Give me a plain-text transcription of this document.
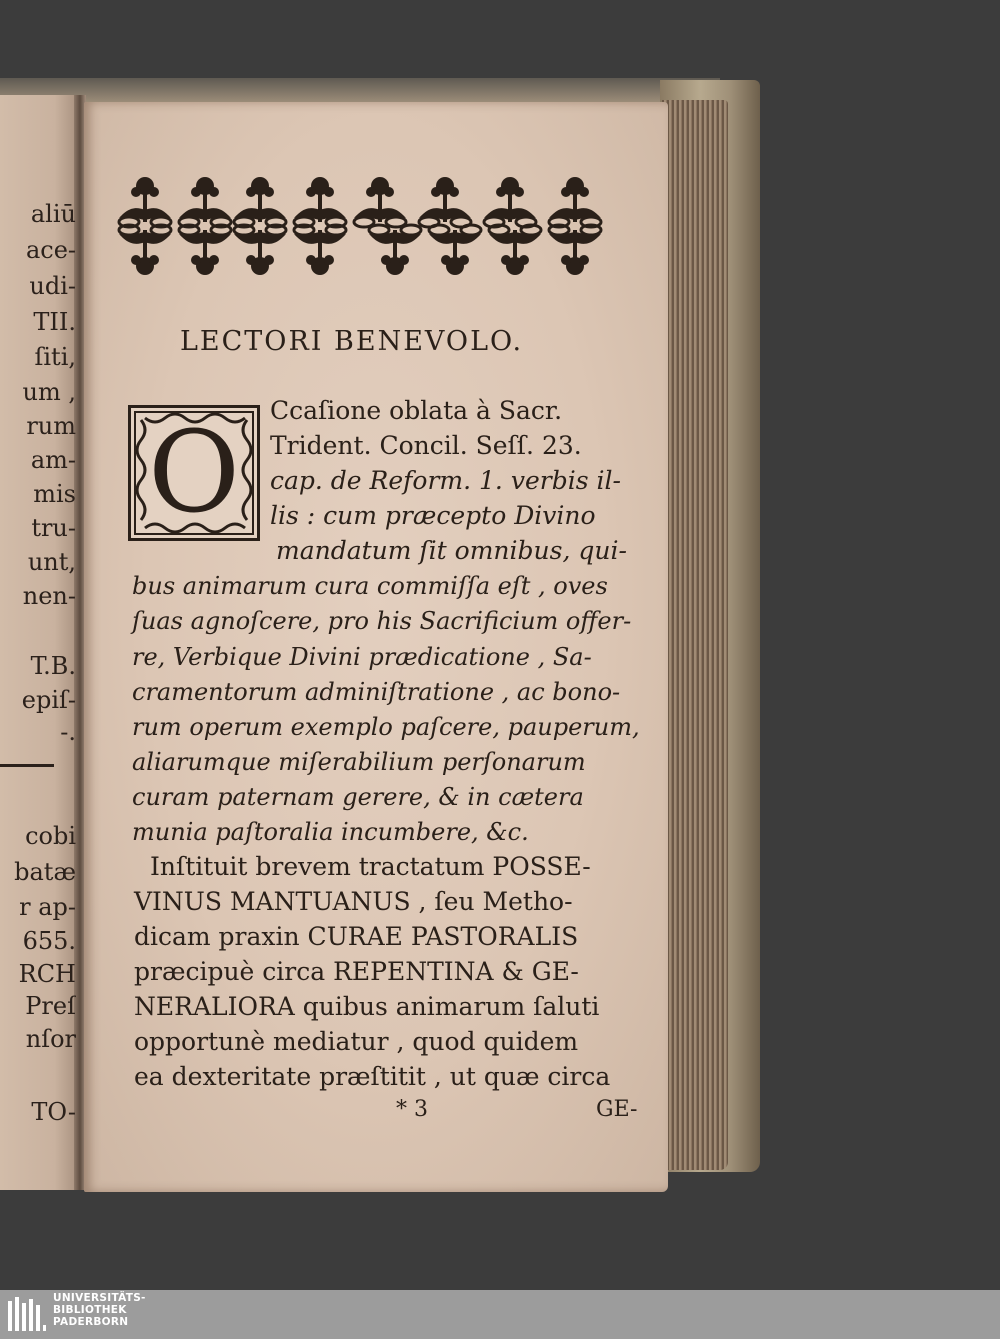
aliū
ace-
udi-
TII.
ſiti,
um ,
rum
am-
mis
tru-
unt,
nen-
T.B.
epiſ-
-.
cobi
batæ
r ap-
655.
RCH
Preſ
nſor
TO-
LECTORI BENEVOLO.
O	Ccaſione oblata à Sacr.
Trident. Concil. Seſſ. 23.
cap. de Reform. 1. verbis il-
lis : cum præcepto Divino
mandatum ſit omnibus, qui-
bus animarum cura commiſſa eſt , oves
ſuas agnoſcere, pro his Sacrificium offer-
re, Verbique Divini prædicatione , Sa-
cramentorum adminiſtratione , ac bono-
rum operum exemplo paſcere, pauperum,
aliarumque miſerabilium perſonarum
curam paternam gerere, & in cætera
munia paſtoralia incumbere, &c.
Inſtituit brevem tractatum POSSE-
VINUS MANTUANUS , ſeu Metho-
dicam praxin CURAE PASTORALIS
præcipuè circa REPENTINA & GE-
NERALIORA quibus animarum ſaluti
opportunè mediatur , quod quidem
ea dexteritate præſtitit , ut quæ circa
* 3	GE-
UNIVERSITÄTS-
BIBLIOTHEK
PADERBORN
